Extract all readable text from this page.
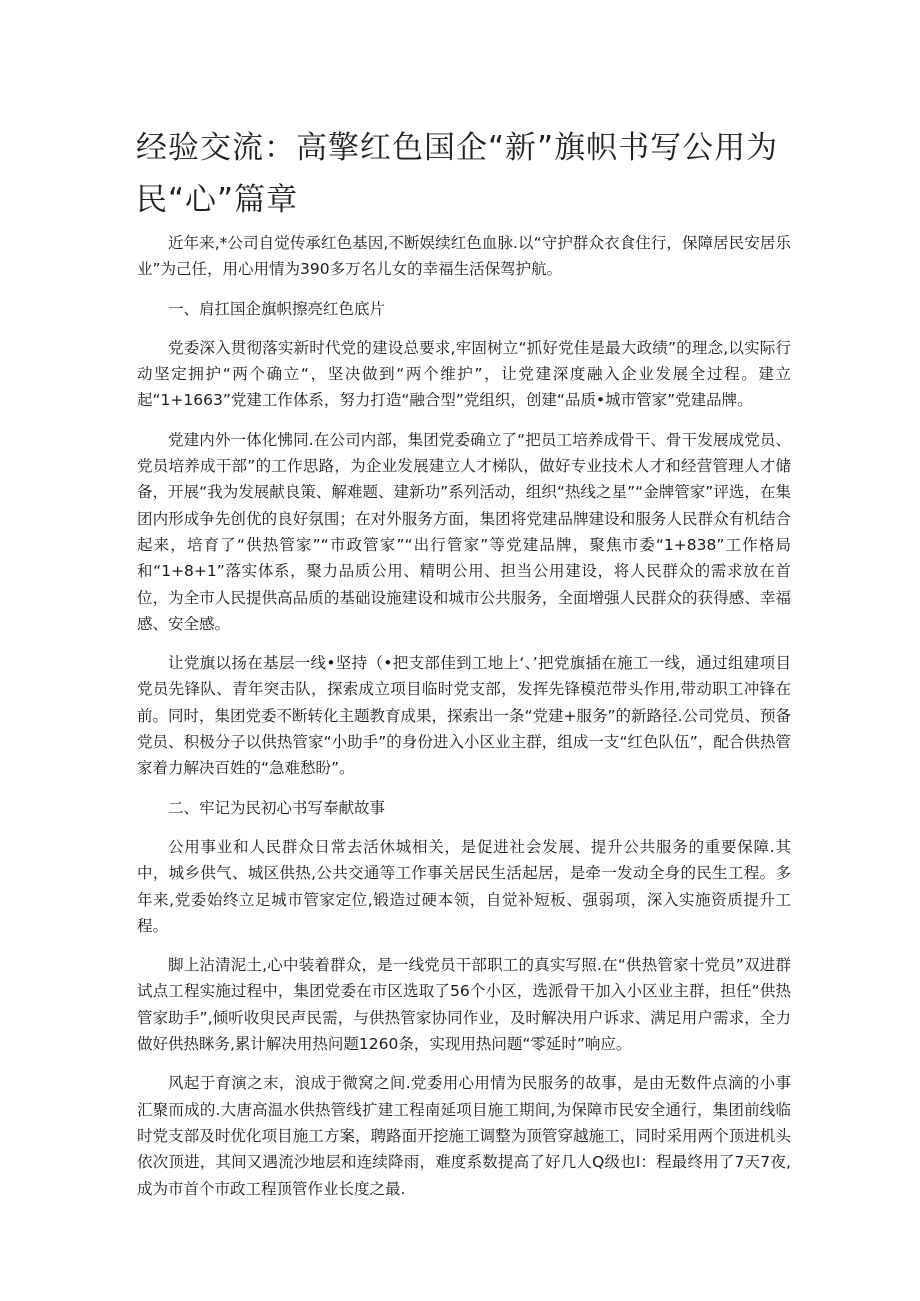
经验交流：高擎红色国企“新”旗帜书写公用为民“心”篇章

近年来,*公司自觉传承红色基因,不断娱续红色血脉.以“守护群众衣食住行，保障居民安居乐业”为己任，用心用情为390多万名儿女的幸福生活保驾护航。

一、肩扛国企旗帜擦亮红色底片

党委深入贯彻落实新时代党的建设总要求,牢固树立“抓好党佳是最大政绩”的理念,以实际行动坚定拥护“两个确立“，坚决做到“两个维护”，让党建深度融入企业发展全过程。建立起“1+1663”党建工作体系，努力打造“融合型”党组织，创建“品质•城市管家”党建品牌。

党建内外一体化怫同.在公司内部，集团党委确立了“把员工培养成骨干、骨干发展成党员、党员培养成干部”的工作思路，为企业发展建立人才梯队，做好专业技术人才和经营管理人才储备，开展“我为发展献良策、解难题、建新功”系列活动，组织“热线之星”“金牌管家”评选，在集团内形成争先创优的良好氛围；在对外服务方面，集团将党建品牌建设和服务人民群众有机结合起来，培育了“供热管家”“市政管家”“出行管家”等党建品牌，聚焦市委“1+838”工作格局和“1+8+1”落实体系，聚力品质公用、精明公用、担当公用建设，将人民群众的需求放在首位，为全市人民提供高品质的基础设施建设和城市公共服务，全面增强人民群众的获得感、幸福感、安全感。

让党旗以扬在基层一线•坚持（•把支部佳到工地上‘、’把党旗插在施工一线，通过组建项目党员先锋队、青年突击队，探索成立项目临时党支部，发挥先锋模范带头作用,带动职工冲锋在前。同时，集团党委不断转化主题教育成果，探索出一条“党建+服务”的新路径.公司党员、预备党员、积极分子以供热管家“小助手”的身份进入小区业主群，组成一支“红色队伍”，配合供热管家着力解决百姓的“急难愁盼”。

二、牢记为民初心书写奉献故事

公用事业和人民群众日常去活休城相关，是促进社会发展、提升公共服务的重要保障.其中，城乡供气、城区供热,公共交通等工作事关居民生活起居，是牵一发动全身的民生工程。多年来,党委始终立足城市管家定位,锻造过硬本领，自觉补短板、强弱项，深入实施资质提升工程。

脚上沾清泥土,心中装着群众，是一线党员干部职工的真实写照.在“供热管家十党员”双进群试点工程实施过程中，集团党委在市区选取了56个小区，选派骨干加入小区业主群，担任“供热管家助手”,倾听收臾民声民需，与供热管家协同作业，及时解决用户诉求、满足用户需求，全力做好供热眯务,累计解决用热问题1260条，实现用热问题“零延时”响应。

风起于育演之末，浪成于微窝之间.党委用心用情为民服务的故事，是由无数件点滴的小事汇聚而成的.大唐高温水供热管线扩建工程南延项目施工期间,为保障市民安全通行，集团前线临时党支部及时优化项目施工方案，聘路面开挖施工调整为顶管穿越施工，同时采用两个顶进机头依次顶进，其间又遇流沙地层和连续降雨，难度系数提高了好几人Q级也l：程最终用了7天7夜,成为市首个市政工程顶管作业长度之最.
